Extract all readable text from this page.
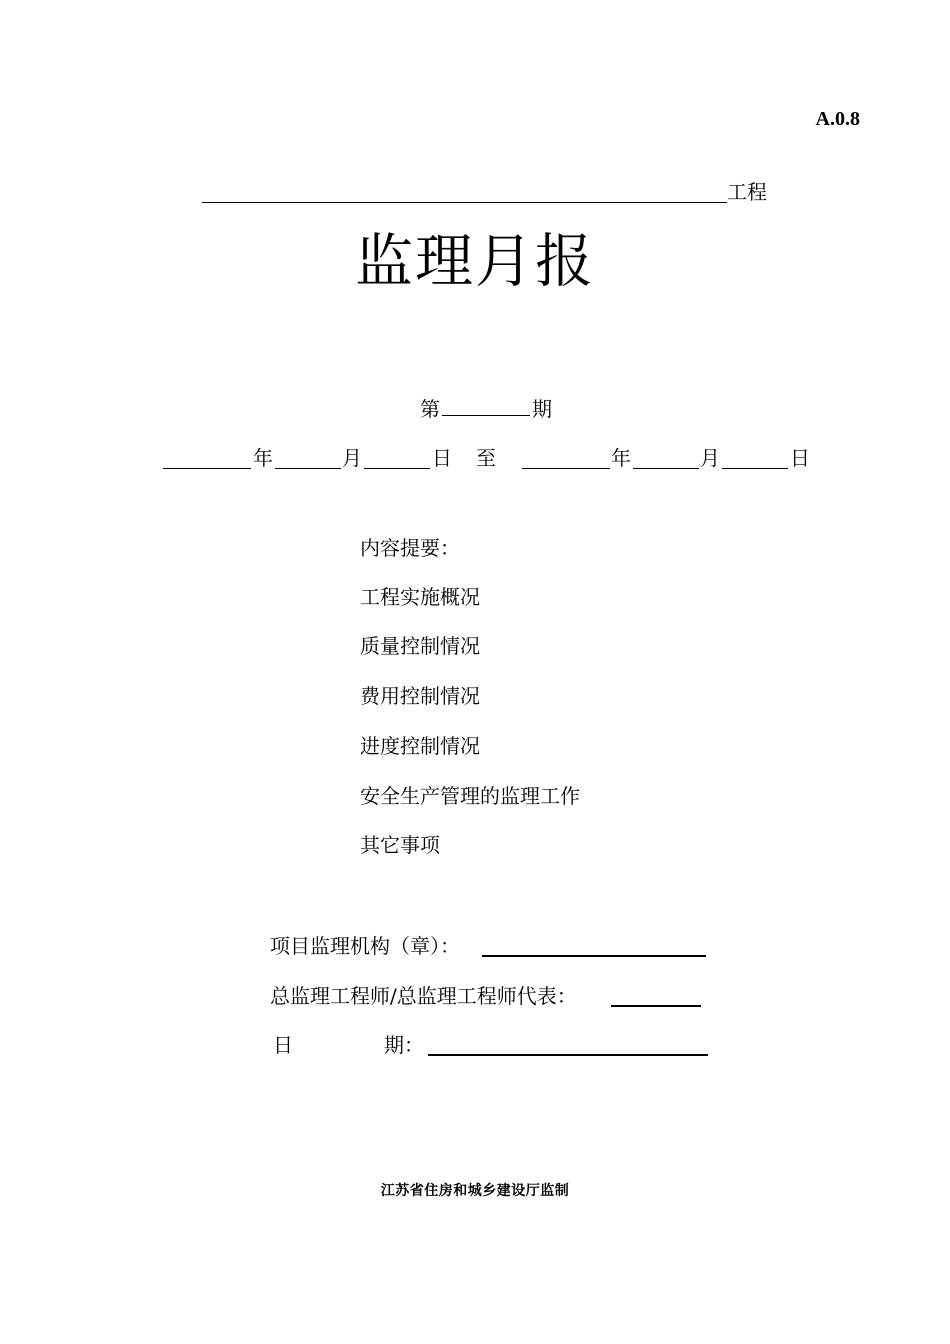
A.0.8
工程
监理月报
第	期
年	月	日 至	年	月	日
内容提要：
工程实施概况
质量控制情况
费用控制情况
进度控制情况
安全生产管理的监理工作
其它事项
项目监理机构（章）：
总监理工程师/总监理工程师代表：
日	期：
江苏省住房和城乡建设厅监制
